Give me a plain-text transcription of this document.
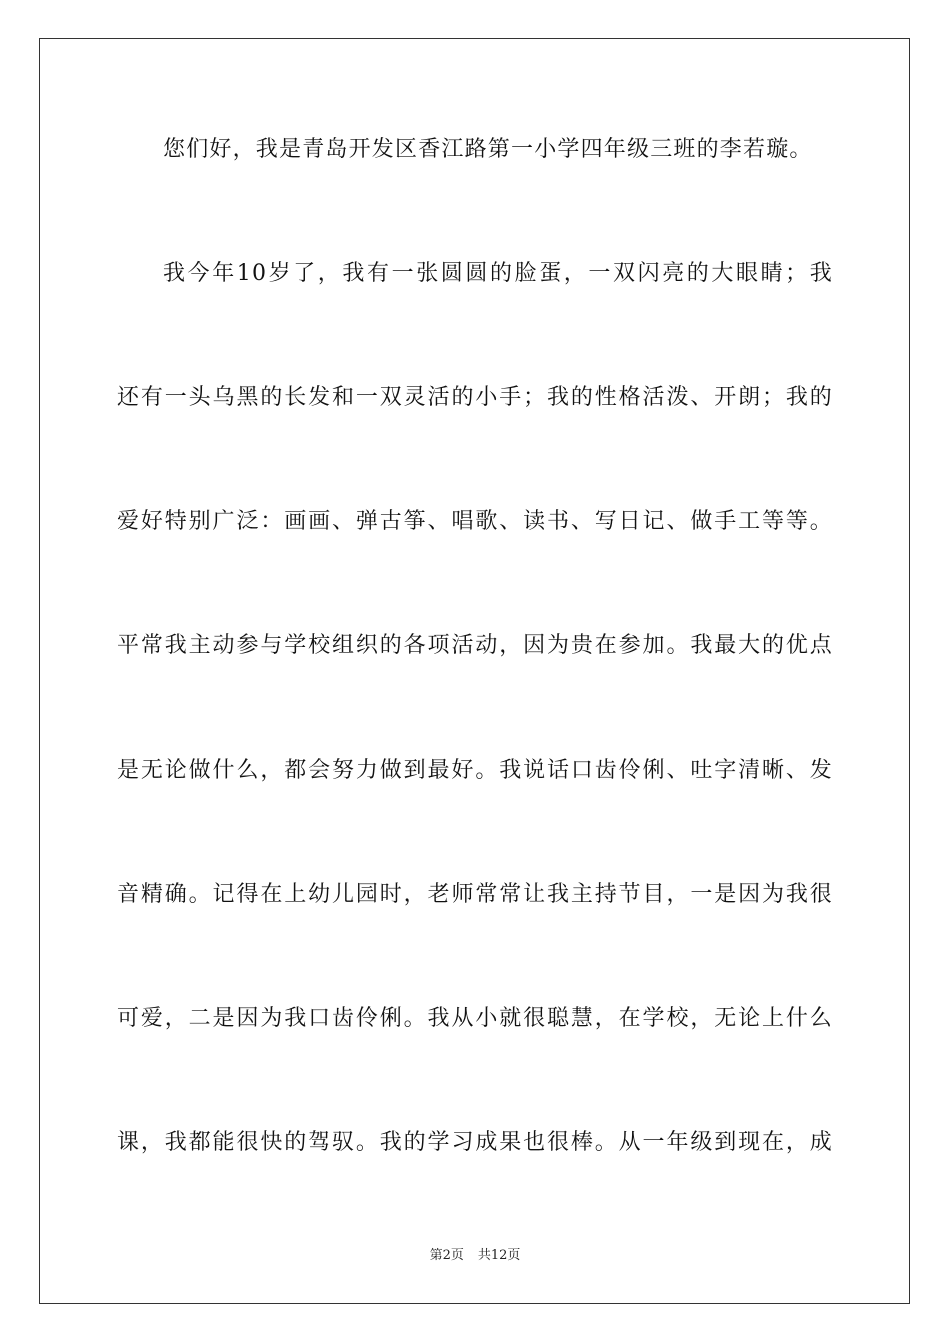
您们好，我是青岛开发区香江路第一小学四年级三班的李若璇。
我今年10岁了，我有一张圆圆的脸蛋，一双闪亮的大眼睛；我
还有一头乌黑的长发和一双灵活的小手；我的性格活泼、开朗；我的
爱好特别广泛：画画、弹古筝、唱歌、读书、写日记、做手工等等。
平常我主动参与学校组织的各项活动，因为贵在参加。我最大的优点
是无论做什么，都会努力做到最好。我说话口齿伶俐、吐字清晰、发
音精确。记得在上幼儿园时，老师常常让我主持节目，一是因为我很
可爱，二是因为我口齿伶俐。我从小就很聪慧，在学校，无论上什么
课，我都能很快的驾驭。我的学习成果也很棒。从一年级到现在，成
第2页 共12页
